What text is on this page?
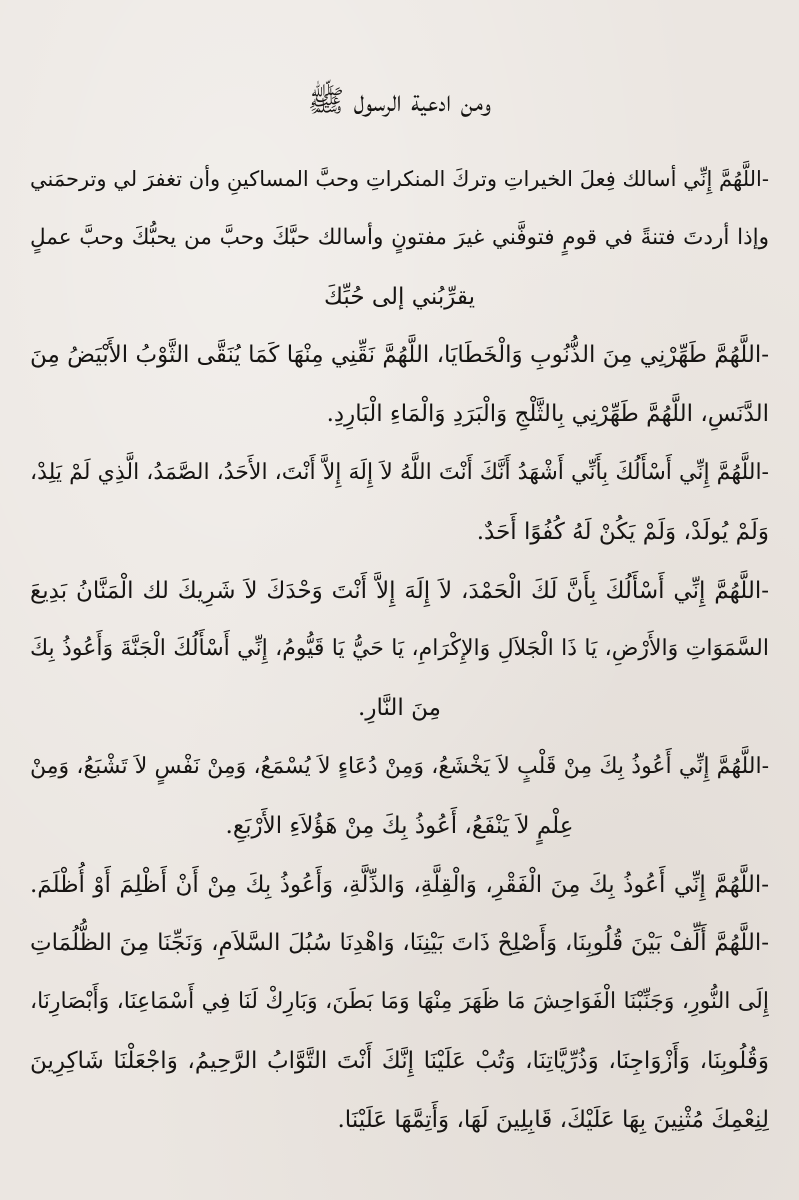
ومن ادعية الرسول ﷺ
-اللَّهُمَّ إِنِّي أسالك فِعلَ الخيراتِ وتركَ المنكراتِ وحبَّ المساكينِ وأن تغفرَ لي وترحمَني
وإذا أردتَ فتنةً في قومٍ فتوفَّني غيرَ مفتونٍ وأسالك حبَّكَ وحبَّ من يحبُّكَ وحبَّ عملٍ
يقرِّبُني إلى حُبِّكَ
-اللَّهُمَّ طَهِّرْنِي مِنَ الذُّنُوبِ وَالْخَطَايَا، اللَّهُمَّ نَقِّنِي مِنْهَا كَمَا يُنَقَّى الثَّوْبُ الأَبْيَضُ مِنَ
الدَّنَسِ، اللَّهُمَّ طَهِّرْنِي بِالثَّلْجِ وَالْبَرَدِ وَالْمَاءِ الْبَارِدِ.
-اللَّهُمَّ إِنِّي أَسْأَلُكَ بِأَنِّي أَشْهَدُ أَنَّكَ أَنْتَ اللَّهُ لاَ إِلَهَ إِلاَّ أَنْتَ، الأَحَدُ، الصَّمَدُ، الَّذِي لَمْ يَلِدْ،
وَلَمْ يُولَدْ، وَلَمْ يَكُنْ لَهُ كُفُوًا أَحَدٌ.
-اللَّهُمَّ إِنِّي أَسْأَلُكَ بِأَنَّ لَكَ الْحَمْدَ، لاَ إِلَهَ إِلاَّ أَنْتَ وَحْدَكَ لاَ شَرِيكَ لك الْمَنَّانُ بَدِيعَ
السَّمَوَاتِ وَالأَرْضِ، يَا ذَا الْجَلاَلِ وَالإِكْرَامِ، يَا حَيُّ يَا قَيُّومُ، إِنِّي أَسْأَلُكَ الْجَنَّةَ وَأَعُوذُ بِكَ
مِنَ النَّارِ.
-اللَّهُمَّ إِنِّي أَعُوذُ بِكَ مِنْ قَلْبٍ لاَ يَخْشَعُ، وَمِنْ دُعَاءٍ لاَ يُسْمَعُ، وَمِنْ نَفْسٍ لاَ تَشْبَعُ، وَمِنْ
عِلْمٍ لاَ يَنْفَعُ، أَعُوذُ بِكَ مِنْ هَؤُلاَءِ الأَرْبَعِ.
-اللَّهُمَّ إِنِّي أَعُوذُ بِكَ مِنَ الْفَقْرِ، وَالْقِلَّةِ، وَالذِّلَّةِ، وَأَعُوذُ بِكَ مِنْ أَنْ أَظْلِمَ أَوْ أُظْلَمَ.
-اللَّهُمَّ أَلِّفْ بَيْنَ قُلُوبِنَا، وَأَصْلِحْ ذَاتَ بَيْنِنَا، وَاهْدِنَا سُبُلَ السَّلاَمِ، وَنَجِّنَا مِنَ الظُّلُمَاتِ
إِلَى النُّورِ، وَجَنِّبْنَا الْفَوَاحِشَ مَا ظَهَرَ مِنْهَا وَمَا بَطَنَ، وَبَارِكْ لَنَا فِي أَسْمَاعِنَا، وَأَبْصَارِنَا،
وَقُلُوبِنَا، وَأَزْوَاجِنَا، وَذُرِّيَّاتِنَا، وَتُبْ عَلَيْنَا إِنَّكَ أَنْتَ التَّوَّابُ الرَّحِيمُ، وَاجْعَلْنَا شَاكِرِينَ
لِنِعْمِكَ مُثْنِينَ بِهَا عَلَيْكَ، قَابِلِينَ لَهَا، وَأَتِمَّهَا عَلَيْنَا.
